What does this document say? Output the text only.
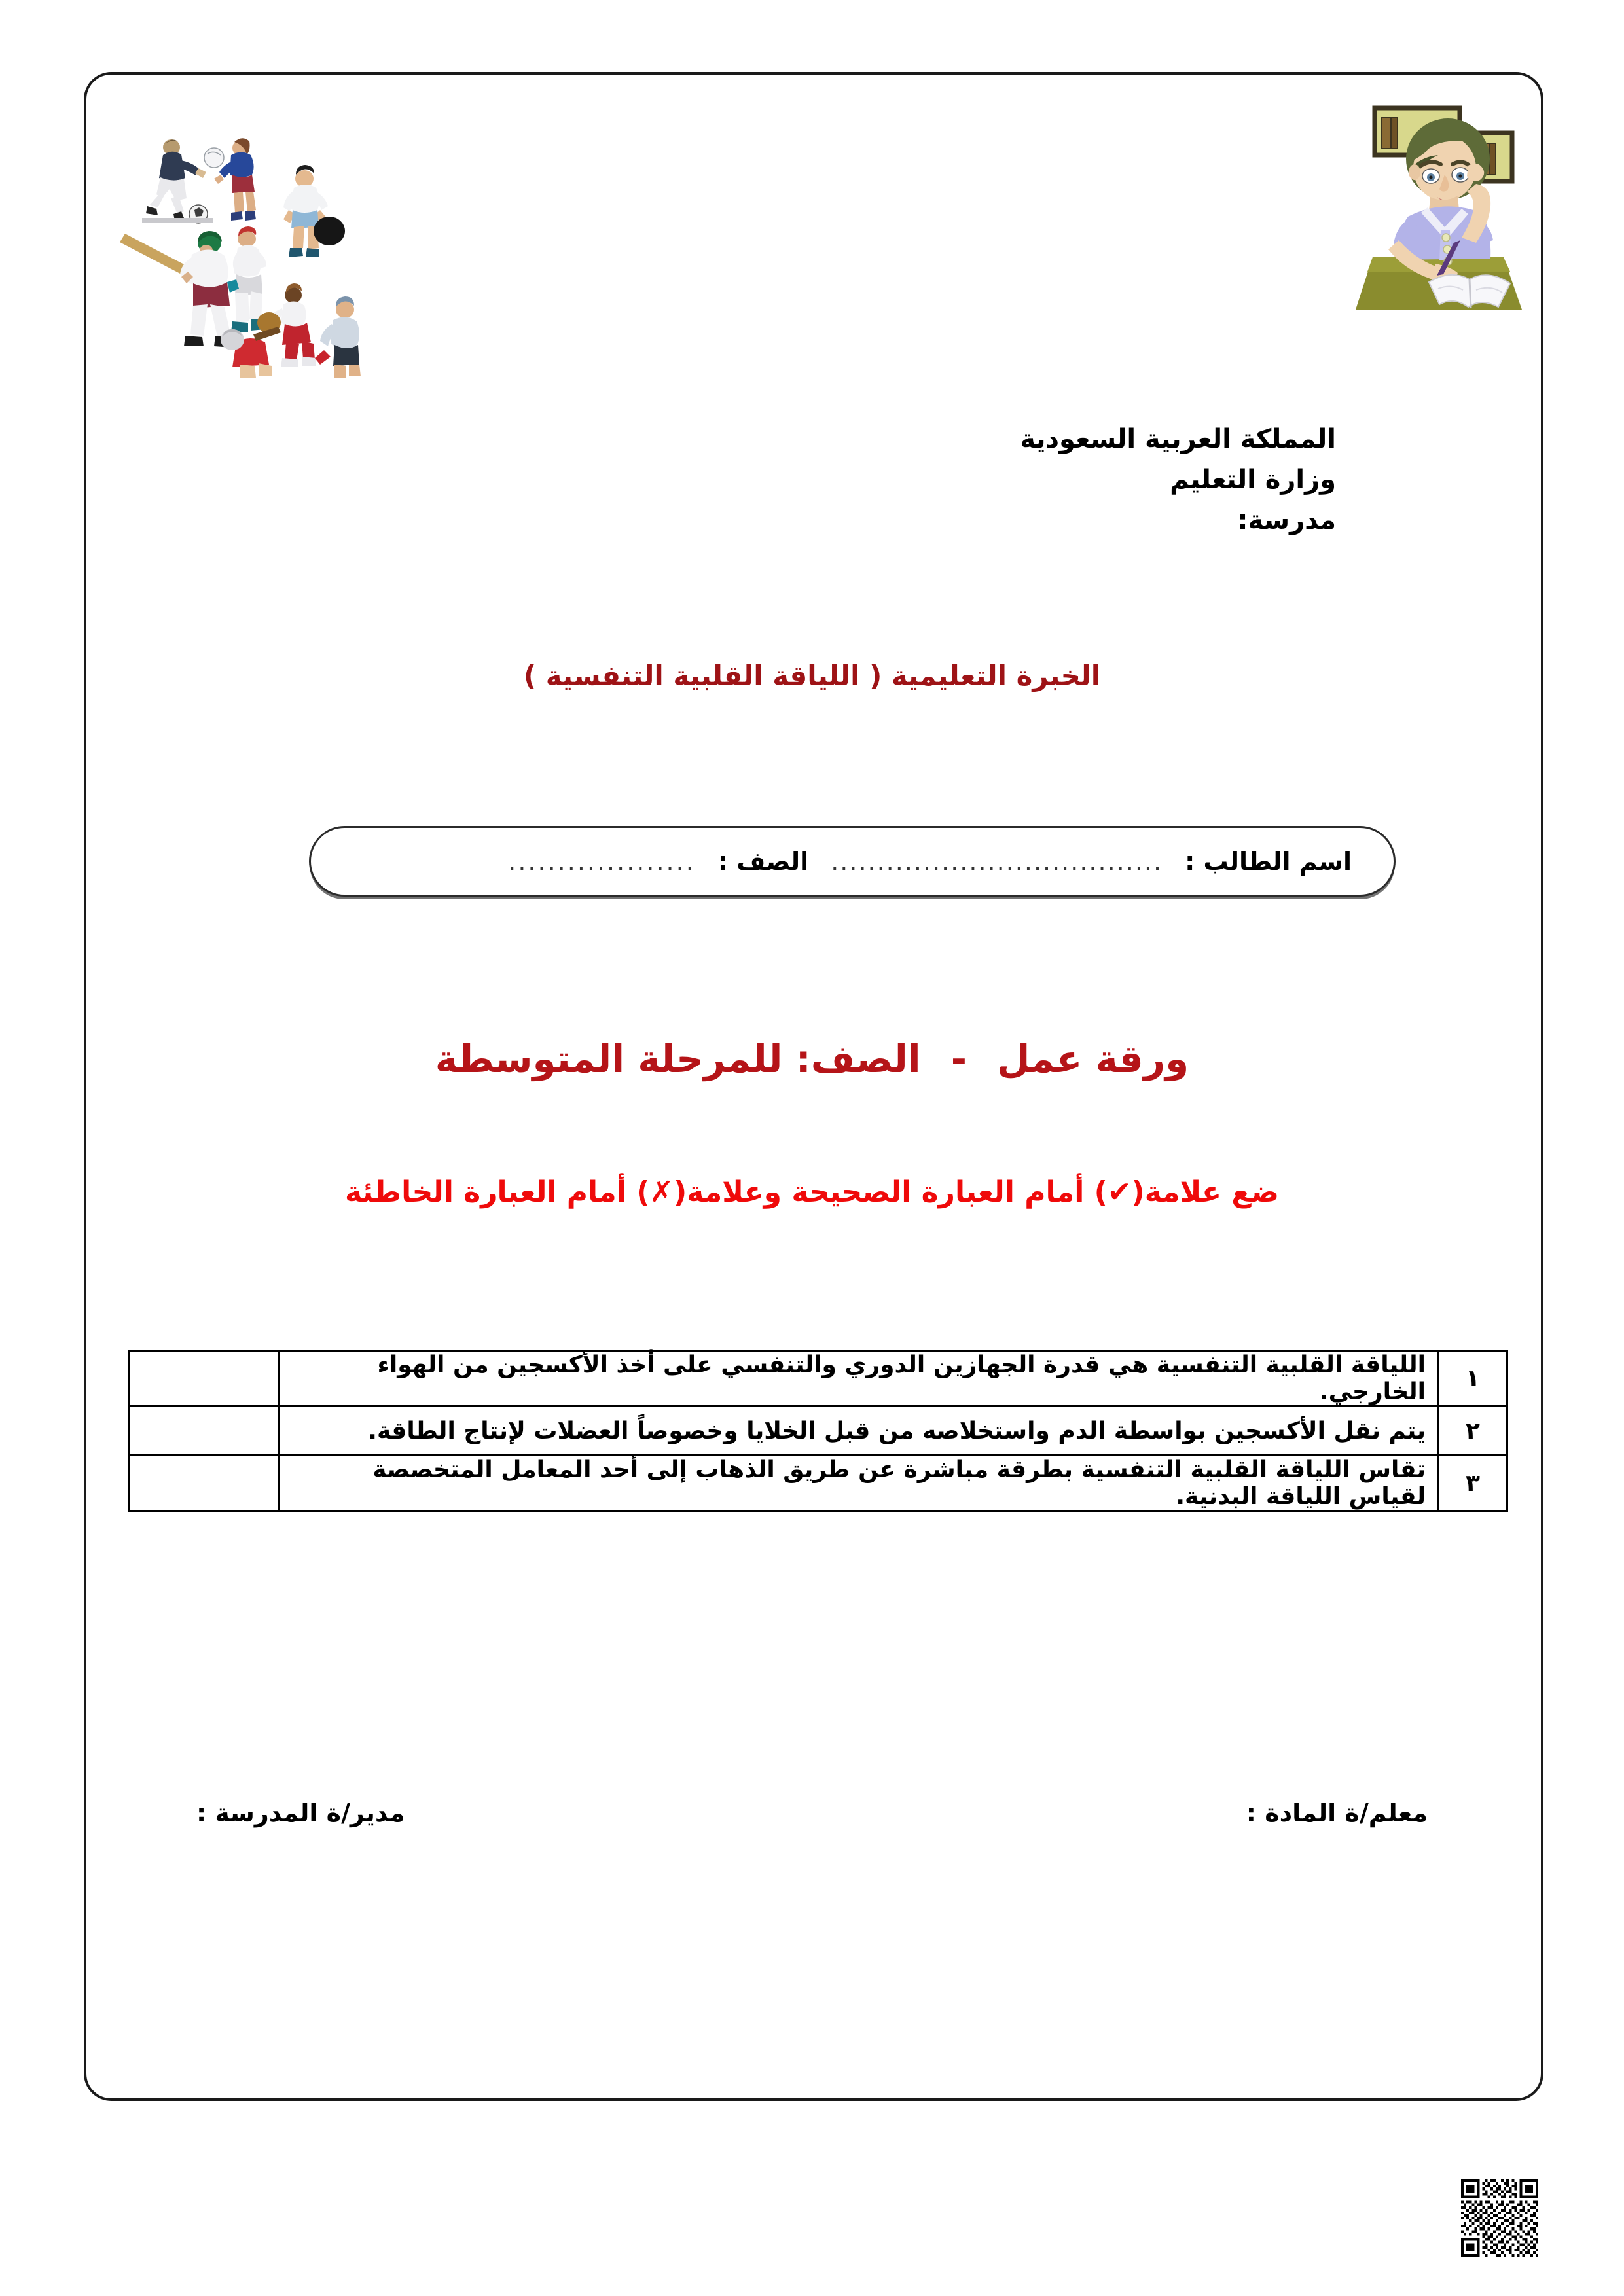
المملكة العربية السعودية
وزارة التعليم
مدرسة:
الخبرة التعليمية ( اللياقة القلبية التنفسية )
اسم الطالب :
....................................
الصف :
...................
ورقة عمل - الصف: للمرحلة المتوسطة
ضع علامة(✔) أمام العبارة الصحيحة وعلامة(✗) أمام العبارة الخاطئة
١	اللياقة القلبية التنفسية هي قدرة الجهازين الدوري والتنفسي على أخذ الأكسجين من الهواء الخارجي.	
٢	يتم نقل الأكسجين بواسطة الدم واستخلاصه من قبل الخلايا وخصوصاً العضلات لإنتاج الطاقة.	
٣	تقاس اللياقة القلبية التنفسية بطرقة مباشرة عن طريق الذهاب إلى أحد المعامل المتخصصة لقياس اللياقة البدنية.	
معلم/ة المادة :
مدير/ة المدرسة :
